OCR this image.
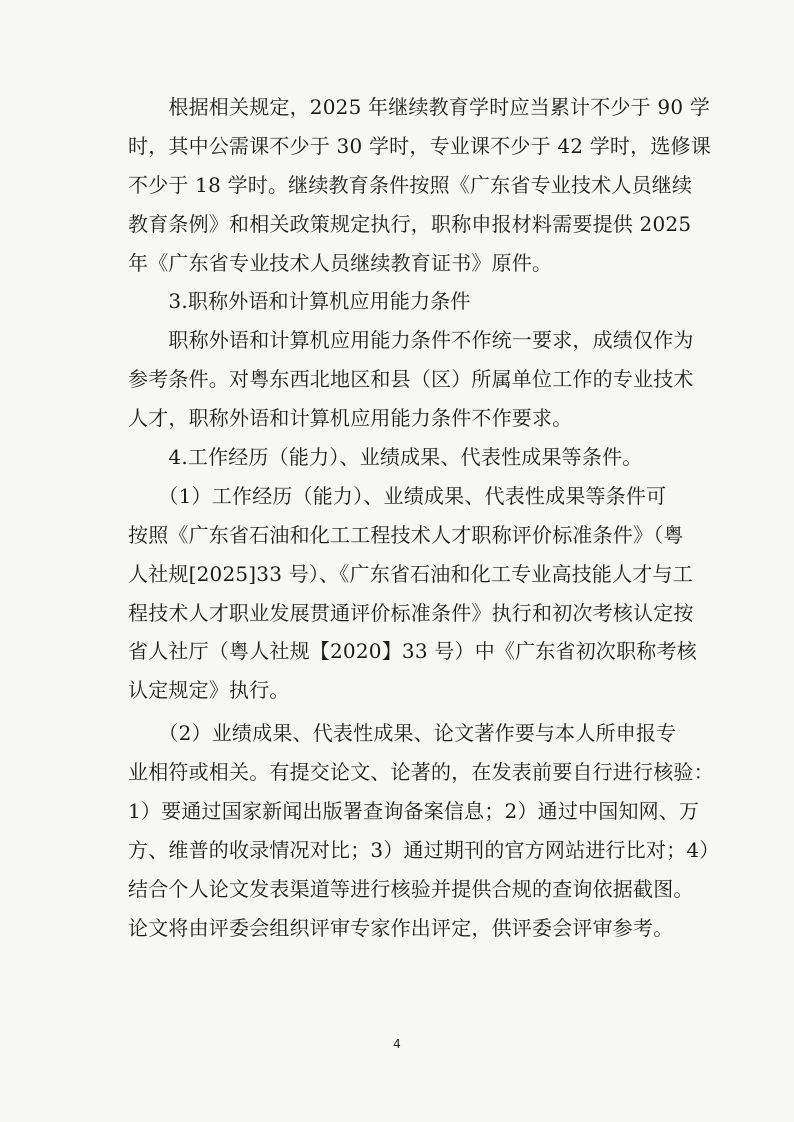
　　根据相关规定，2025 年继续教育学时应当累计不少于 90 学
时，其中公需课不少于 30 学时，专业课不少于 42 学时，选修课
不少于 18 学时。继续教育条件按照《广东省专业技术人员继续
教育条例》和相关政策规定执行，职称申报材料需要提供 2025
年《广东省专业技术人员继续教育证书》原件。
　　3.职称外语和计算机应用能力条件
　　职称外语和计算机应用能力条件不作统一要求，成绩仅作为
参考条件。对粤东西北地区和县（区）所属单位工作的专业技术
人才，职称外语和计算机应用能力条件不作要求。
　　4.工作经历（能力）、业绩成果、代表性成果等条件。
　　（1）工作经历（能力）、业绩成果、代表性成果等条件可
按照《广东省石油和化工工程技术人才职称评价标准条件》（粤
人社规[2025]33 号）、《广东省石油和化工专业高技能人才与工
程技术人才职业发展贯通评价标准条件》执行和初次考核认定按
省人社厅（粤人社规【2020】33 号）中《广东省初次职称考核
认定规定》执行。
　　（2）业绩成果、代表性成果、论文著作要与本人所申报专
业相符或相关。有提交论文、论著的，在发表前要自行进行核验：
1）要通过国家新闻出版署查询备案信息；2）通过中国知网、万
方、维普的收录情况对比；3）通过期刊的官方网站进行比对；4）
结合个人论文发表渠道等进行核验并提供合规的查询依据截图。
论文将由评委会组织评审专家作出评定，供评委会评审参考。
4
